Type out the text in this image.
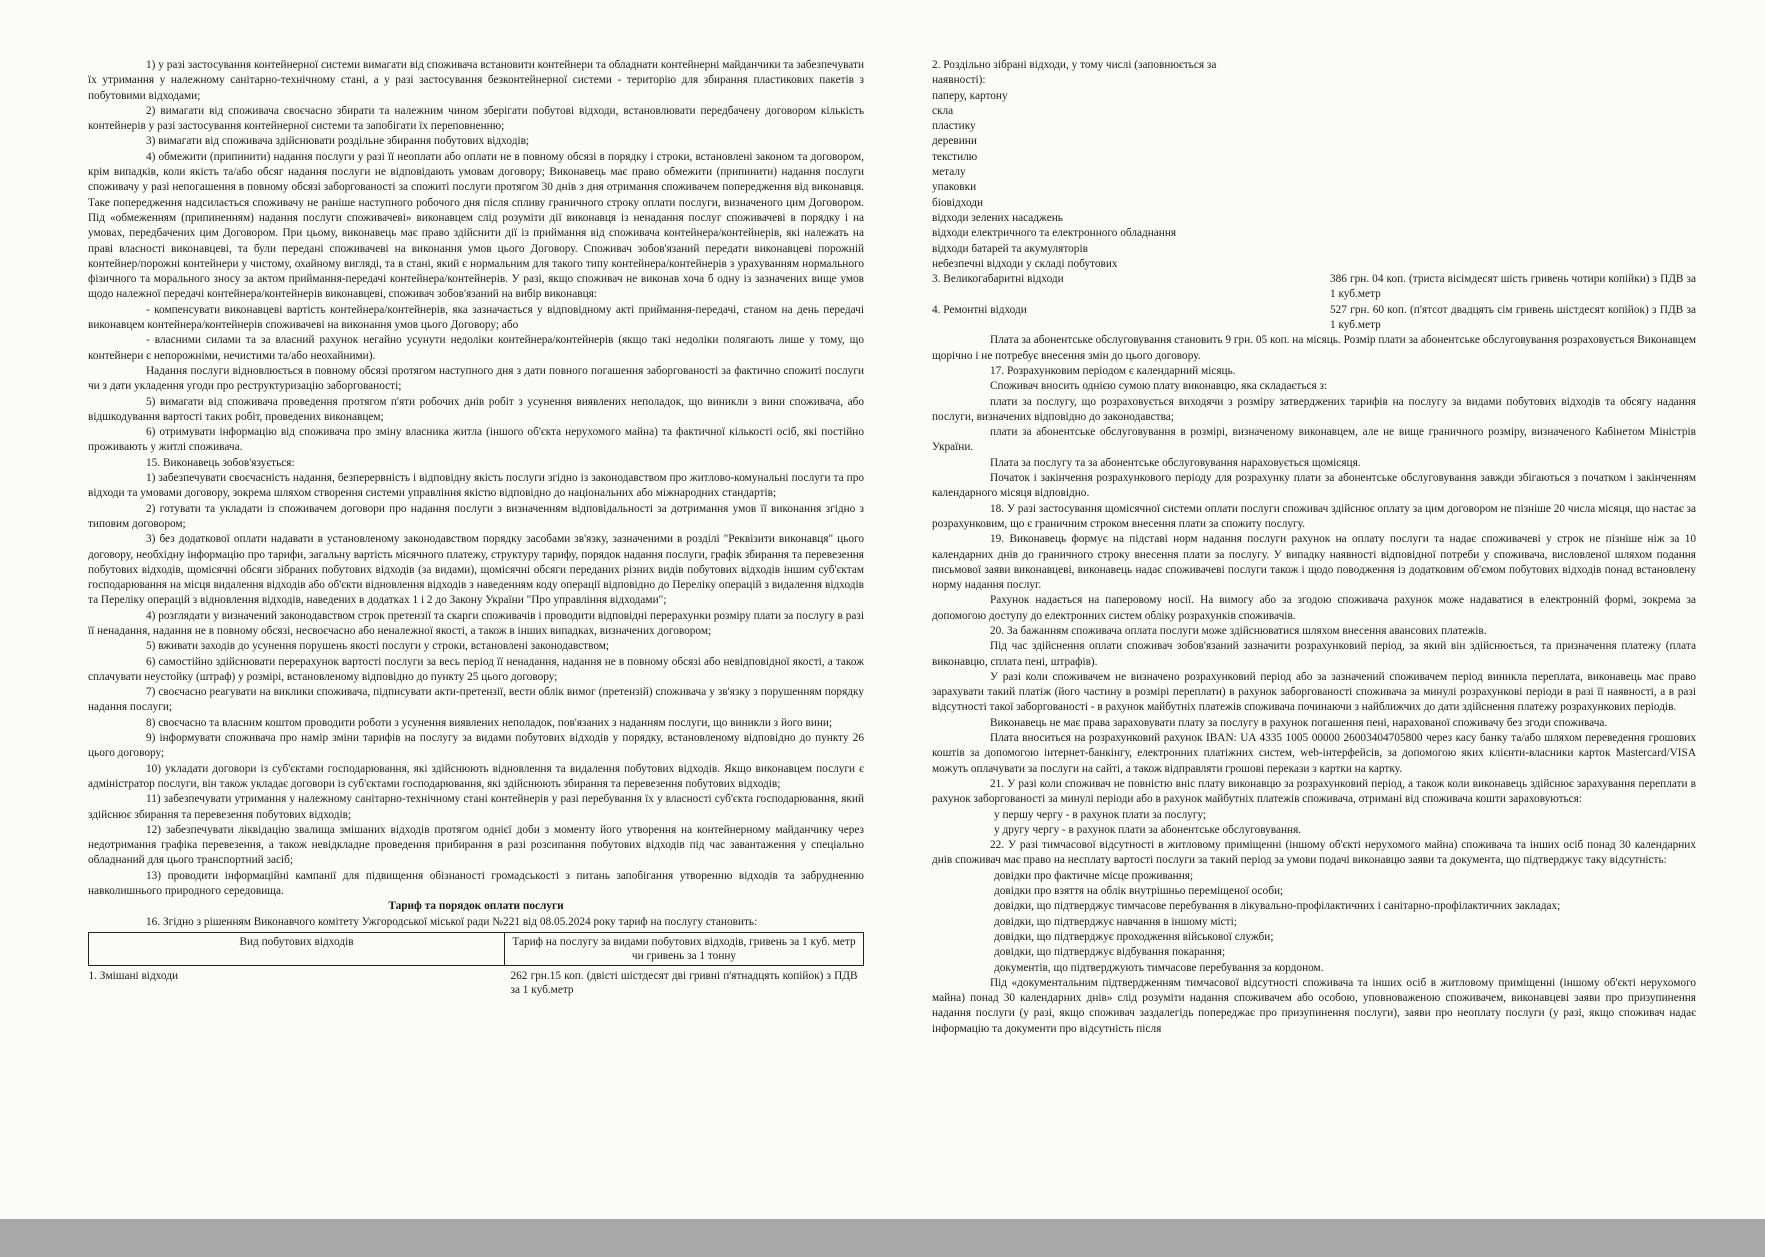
1) у разі застосування контейнерної системи вимагати від споживача встановити контейнери та обладнати контейнерні майданчики та забезпечувати їх утримання у належному санітарно-технічному стані, а у разі застосування безконтейнерної системи - територію для збирання пластикових пакетів з побутовими відходами;

2) вимагати від споживача своєчасно збирати та належним чином зберігати побутові відходи, встановлювати передбачену договором кількість контейнерів у разі застосування контейнерної системи та запобігати їх переповненню;

3) вимагати від споживача здійснювати роздільне збирання побутових відходів;

4) обмежити (припинити) надання послуги у разі її неоплати або оплати не в повному обсязі в порядку і строки, встановлені законом та договором, крім випадків, коли якість та/або обсяг надання послуги не відповідають умовам договору; Виконавець має право обмежити (припинити) надання послуги споживачу у разі непогашення в повному обсязі заборгованості за спожиті послуги протягом 30 днів з дня отримання споживачем попередження від виконавця. Таке попередження надсилається споживачу не раніше наступного робочого дня після спливу граничного строку оплати послуги, визначеного цим Договором. Під «обмеженням (припиненням) надання послуги споживачеві» виконавцем слід розуміти дії виконавця із ненадання послуг споживачеві в порядку і на умовах, передбачених цим Договором. При цьому, виконавець має право здійснити дії із приймання від споживача контейнера/контейнерів, які належать на праві власності виконавцеві, та були передані споживачеві на виконання умов цього Договору. Споживач зобов'язаний передати виконавцеві порожній контейнер/порожні контейнери у чистому, охайному вигляді, та в стані, який є нормальним для такого типу контейнера/контейнерів з урахуванням нормального фізичного та морального зносу за актом приймання-передачі контейнера/контейнерів. У разі, якщо споживач не виконав хоча б одну із зазначених вище умов щодо належної передачі контейнера/контейнерів виконавцеві, споживач зобов'язаний на вибір виконавця:

- компенсувати виконавцеві вартість контейнера/контейнерів, яка зазначається у відповідному акті приймання-передачі, станом на день передачі виконавцем контейнера/контейнерів споживачеві на виконання умов цього Договору; або

- власними силами та за власний рахунок негайно усунути недоліки контейнера/контейнерів (якщо такі недоліки полягають лише у тому, що контейнери є непорожніми, нечистими та/або неохайними).

Надання послуги відновлюється в повному обсязі протягом наступного дня з дати повного погашення заборгованості за фактично спожиті послуги чи з дати укладення угоди про реструктуризацію заборгованості;

5) вимагати від споживача проведення протягом п'яти робочих днів робіт з усунення виявлених неполадок, що виникли з вини споживача, або відшкодування вартості таких робіт, проведених виконавцем;

6) отримувати інформацію від споживача про зміну власника житла (іншого об'єкта нерухомого майна) та фактичної кількості осіб, які постійно проживають у житлі споживача.

15. Виконавець зобов'язується:

1) забезпечувати своєчасність надання, безперервність і відповідну якість послуги згідно із законодавством про житлово-комунальні послуги та про відходи та умовами договору, зокрема шляхом створення системи управління якістю відповідно до національних або міжнародних стандартів;

2) готувати та укладати із споживачем договори про надання послуги з визначенням відповідальності за дотримання умов її виконання згідно з типовим договором;

3) без додаткової оплати надавати в установленому законодавством порядку засобами зв'язку, зазначеними в розділі "Реквізити виконавця" цього договору, необхідну інформацію про тарифи, загальну вартість місячного платежу, структуру тарифу, порядок надання послуги, графік збирання та перевезення побутових відходів, щомісячні обсяги зібраних побутових відходів (за видами), щомісячні обсяги переданих різних видів побутових відходів іншим суб'єктам господарювання на місця видалення відходів або об'єкти відновлення відходів з наведенням коду операції відповідно до Переліку операцій з видалення відходів та Переліку операцій з відновлення відходів, наведених в додатках 1 і 2 до Закону України "Про управління відходами";

4) розглядати у визначений законодавством строк претензії та скарги споживачів і проводити відповідні перерахунки розміру плати за послугу в разі її ненадання, надання не в повному обсязі, несвоєчасно або неналежної якості, а також в інших випадках, визначених договором;

5) вживати заходів до усунення порушень якості послуги у строки, встановлені законодавством;

6) самостійно здійснювати перерахунок вартості послуги за весь період її ненадання, надання не в повному обсязі або невідповідної якості, а також сплачувати неустойку (штраф) у розмірі, встановленому відповідно до пункту 25 цього договору;

7) своєчасно реагувати на виклики споживача, підписувати акти-претензії, вести облік вимог (претензій) споживача у зв'язку з порушенням порядку надання послуги;

8) своєчасно та власним коштом проводити роботи з усунення виявлених неполадок, пов'язаних з наданням послуги, що виникли з його вини;

9) інформувати споживача про намір зміни тарифів на послугу за видами побутових відходів у порядку, встановленому відповідно до пункту 26 цього договору;

10) укладати договори із суб'єктами господарювання, які здійснюють відновлення та видалення побутових відходів. Якщо виконавцем послуги є адміністратор послуги, він також укладає договори із суб'єктами господарювання, які здійснюють збирання та перевезення побутових відходів;

11) забезпечувати утримання у належному санітарно-технічному стані контейнерів у разі перебування їх у власності суб'єкта господарювання, який здійснює збирання та перевезення побутових відходів;

12) забезпечувати ліквідацію звалища змішаних відходів протягом однієї доби з моменту його утворення на контейнерному майданчику через недотримання графіка перевезення, а також невідкладне проведення прибирання в разі розсипання побутових відходів під час завантаження у спеціально обладнаний для цього транспортний засіб;

13) проводити інформаційні кампанії для підвищення обізнаності громадськості з питань запобігання утворенню відходів та забрудненню навколишнього природного середовища.

Тариф та порядок оплати послуги

16. Згідно з рішенням Виконавчого комітету Ужгородської міської ради №221 від 08.05.2024 року тариф на послугу становить:

Вид побутових відходів	Тариф на послугу за видами побутових відходів, гривень за 1 куб. метр чи гривень за 1 тонну
1. Змішані відходи	262 грн.15 коп. (двісті шістдесят дві гривні п'ятнадцять копійок) з ПДВ за 1 куб.метр

2. Роздільно зібрані відходи, у тому числі (заповнюється за наявності):

паперу, картону

скла

пластику

деревини

текстилю

металу

упаковки

біовідходи

відходи зелених насаджень

відходи електричного та електронного обладнання

відходи батарей та акумуляторів

небезпечні відходи у складі побутових

3. Великогабаритні відходи	386 грн. 04 коп. (триста вісімдесят шість гривень чотири копійки) з ПДВ за 1 куб.метр
4. Ремонтні відходи	527 грн. 60 коп. (п'ятсот двадцять сім гривень шістдесят копійок) з ПДВ за 1 куб.метр

Плата за абонентське обслуговування становить 9 грн. 05 коп. на місяць. Розмір плати за абонентське обслуговування розраховується Виконавцем щорічно і не потребує внесення змін до цього договору.

17. Розрахунковим періодом є календарний місяць.

Споживач вносить однією сумою плату виконавцю, яка складається з:

плати за послугу, що розраховується виходячи з розміру затверджених тарифів на послугу за видами побутових відходів та обсягу надання послуги, визначених відповідно до законодавства;

плати за абонентське обслуговування в розмірі, визначеному виконавцем, але не вище граничного розміру, визначеного Кабінетом Міністрів України.

Плата за послугу та за абонентське обслуговування нараховується щомісяця.

Початок і закінчення розрахункового періоду для розрахунку плати за абонентське обслуговування завжди збігаються з початком і закінченням календарного місяця відповідно.

18. У разі застосування щомісячної системи оплати послуги споживач здійснює оплату за цим договором не пізніше 20 числа місяця, що настає за розрахунковим, що є граничним строком внесення плати за спожиту послугу.

19. Виконавець формує на підставі норм надання послуги рахунок на оплату послуги та надає споживачеві у строк не пізніше ніж за 10 календарних днів до граничного строку внесення плати за послугу. У випадку наявності відповідної потреби у споживача, висловленої шляхом подання письмової заяви виконавцеві, виконавець надає споживачеві послуги також і щодо поводження із додатковим об'ємом побутових відходів понад встановлену норму надання послуг.

Рахунок надається на паперовому носії. На вимогу або за згодою споживача рахунок може надаватися в електронній формі, зокрема за допомогою доступу до електронних систем обліку розрахунків споживачів.

20. За бажанням споживача оплата послуги може здійснюватися шляхом внесення авансових платежів.

Під час здійснення оплати споживач зобов'язаний зазначити розрахунковий період, за який він здійснюється, та призначення платежу (плата виконавцю, сплата пені, штрафів).

У разі коли споживачем не визначено розрахунковий період або за зазначений споживачем період виникла переплата, виконавець має право зарахувати такий платіж (його частину в розмірі переплати) в рахунок заборгованості споживача за минулі розрахункові періоди в разі її наявності, а в разі відсутності такої заборгованості - в рахунок майбутніх платежів споживача починаючи з найближчих до дати здійснення платежу розрахункових періодів.

Виконавець не має права зараховувати плату за послугу в рахунок погашення пені, нарахованої споживачу без згоди споживача.

Плата вноситься на розрахунковий рахунок IBAN: UA 4335 1005 00000 26003404705800 через касу банку та/або шляхом переведення грошових коштів за допомогою інтернет-банкінгу, електронних платіжних систем, web-інтерфейсів, за допомогою яких клієнти-власники карток Mastercard/VISA можуть оплачувати за послуги на сайті, а також відправляти грошові перекази з картки на картку.

21. У разі коли споживач не повністю вніс плату виконавцю за розрахунковий період, а також коли виконавець здійснює зарахування переплати в рахунок заборгованості за минулі періоди або в рахунок майбутніх платежів споживача, отримані від споживача кошти зараховуються:

у першу чергу - в рахунок плати за послугу;

у другу чергу - в рахунок плати за абонентське обслуговування.

22. У разі тимчасової відсутності в житловому приміщенні (іншому об'єкті нерухомого майна) споживача та інших осіб понад 30 календарних днів споживач має право на несплату вартості послуги за такий період за умови подачі виконавцю заяви та документа, що підтверджує таку відсутність:

довідки про фактичне місце проживання;

довідки про взяття на облік внутрішньо переміщеної особи;

довідки, що підтверджує тимчасове перебування в лікувально-профілактичних і санітарно-профілактичних закладах;

довідки, що підтверджує навчання в іншому місті;

довідки, що підтверджує проходження військової служби;

довідки, що підтверджує відбування покарання;

документів, що підтверджують тимчасове перебування за кордоном.

Під «документальним підтвердженням тимчасової відсутності споживача та інших осіб в житловому приміщенні (іншому об'єкті нерухомого майна) понад 30 календарних днів» слід розуміти надання споживачем або особою, уповноваженою споживачем, виконавцеві заяви про призупинення надання послуги (у разі, якщо споживач заздалегідь попереджає про призупинення послуги), заяви про неоплату послуги (у разі, якщо споживач надає інформацію та документи про відсутність після
